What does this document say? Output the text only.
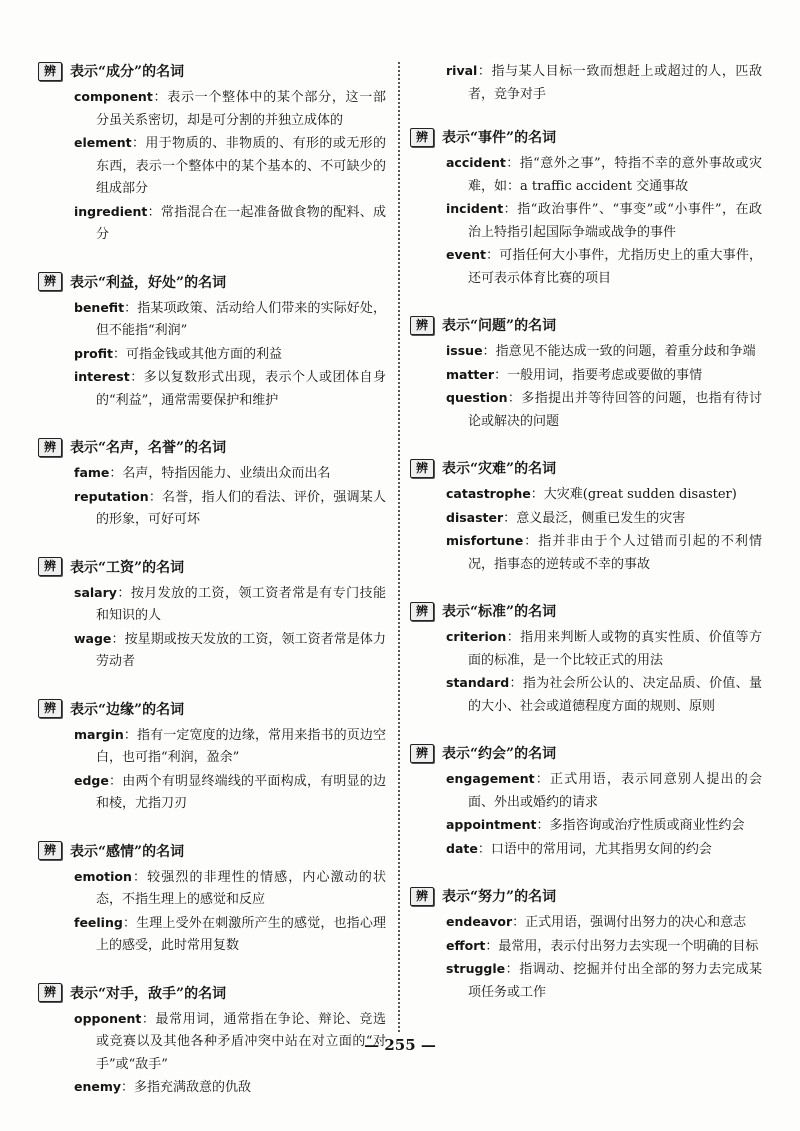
辨	表示“成分”的名词
component：表示一个整体中的某个部分，这一部分虽关系密切，却是可分割的并独立成体的
element：用于物质的、非物质的、有形的或无形的东西，表示一个整体中的某个基本的、不可缺少的组成部分
ingredient：常指混合在一起准备做食物的配料、成分
辨	表示“利益，好处”的名词
benefit：指某项政策、活动给人们带来的实际好处，但不能指“利润”
profit：可指金钱或其他方面的利益
interest：多以复数形式出现，表示个人或团体自身的“利益”，通常需要保护和维护
辨	表示“名声，名誉”的名词
fame：名声，特指因能力、业绩出众而出名
reputation：名誉，指人们的看法、评价，强调某人的形象，可好可坏
辨	表示“工资”的名词
salary：按月发放的工资，领工资者常是有专门技能和知识的人
wage：按星期或按天发放的工资，领工资者常是体力劳动者
辨	表示“边缘”的名词
margin：指有一定宽度的边缘，常用来指书的页边空白，也可指“利润，盈余”
edge：由两个有明显终端线的平面构成，有明显的边和棱，尤指刀刃
辨	表示“感情”的名词
emotion：较强烈的非理性的情感，内心激动的状态，不指生理上的感觉和反应
feeling：生理上受外在刺激所产生的感觉，也指心理上的感受，此时常用复数
辨	表示“对手，敌手”的名词
opponent：最常用词，通常指在争论、辩论、竞选或竞赛以及其他各种矛盾冲突中站在对立面的“对手”或“敌手”
enemy：多指充满敌意的仇敌
rival：指与某人目标一致而想赶上或超过的人，匹敌者，竞争对手
辨	表示“事件”的名词
accident：指“意外之事”，特指不幸的意外事故或灾难，如：a traffic accident 交通事故
incident：指“政治事件”、“事变”或“小事件”，在政治上特指引起国际争端或战争的事件
event：可指任何大小事件，尤指历史上的重大事件，还可表示体育比赛的项目
辨	表示“问题”的名词
issue：指意见不能达成一致的问题，着重分歧和争端
matter：一般用词，指要考虑或要做的事情
question：多指提出并等待回答的问题，也指有待讨论或解决的问题
辨	表示“灾难”的名词
catastrophe：大灾难(great sudden disaster)
disaster：意义最泛，侧重已发生的灾害
misfortune：指并非由于个人过错而引起的不利情况，指事态的逆转或不幸的事故
辨	表示“标准”的名词
criterion：指用来判断人或物的真实性质、价值等方面的标准，是一个比较正式的用法
standard：指为社会所公认的、决定品质、价值、量的大小、社会或道德程度方面的规则、原则
辨	表示“约会”的名词
engagement：正式用语，表示同意别人提出的会面、外出或婚约的请求
appointment：多指咨询或治疗性质或商业性约会
date：口语中的常用词，尤其指男女间的约会
辨	表示“努力”的名词
endeavor：正式用语，强调付出努力的决心和意志
effort：最常用，表示付出努力去实现一个明确的目标
struggle：指调动、挖掘并付出全部的努力去完成某项任务或工作
— 255 —
